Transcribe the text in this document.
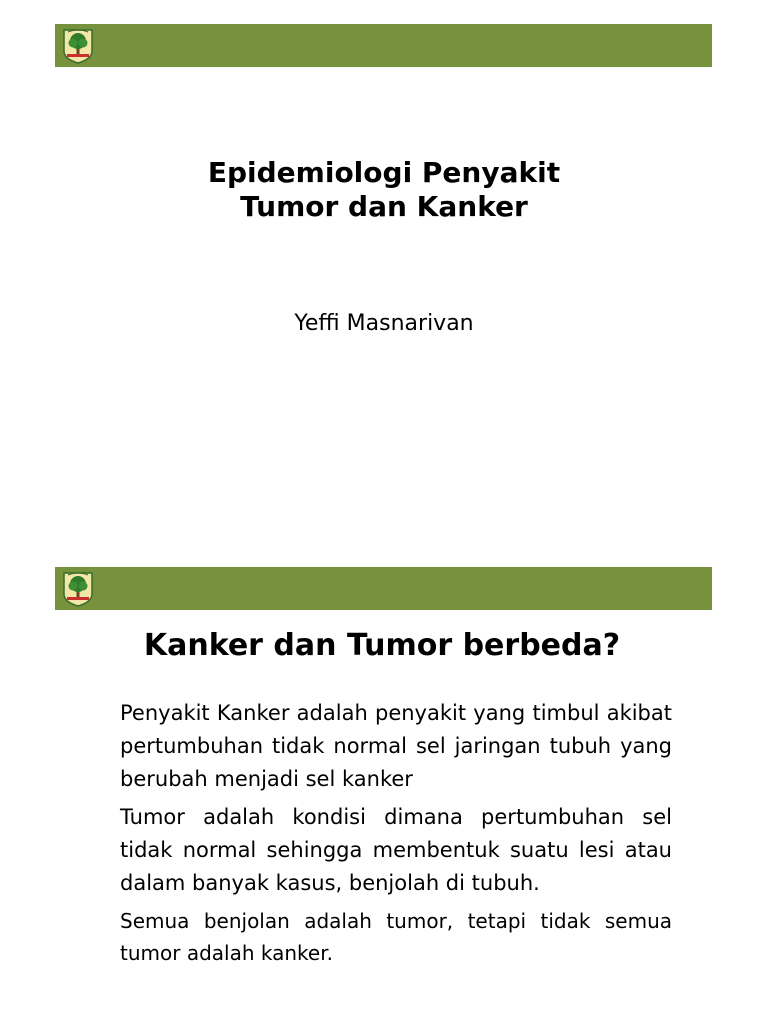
Epidemiologi Penyakit
Tumor dan Kanker

Yeffi Masnarivan

Kanker dan Tumor berbeda?

Penyakit Kanker adalah penyakit yang timbul akibat pertumbuhan tidak normal sel jaringan tubuh yang berubah menjadi sel kanker

Tumor adalah kondisi dimana pertumbuhan sel tidak normal sehingga membentuk suatu lesi atau dalam banyak kasus, benjolah di tubuh.

Semua benjolan adalah tumor, tetapi tidak semua tumor adalah kanker.
